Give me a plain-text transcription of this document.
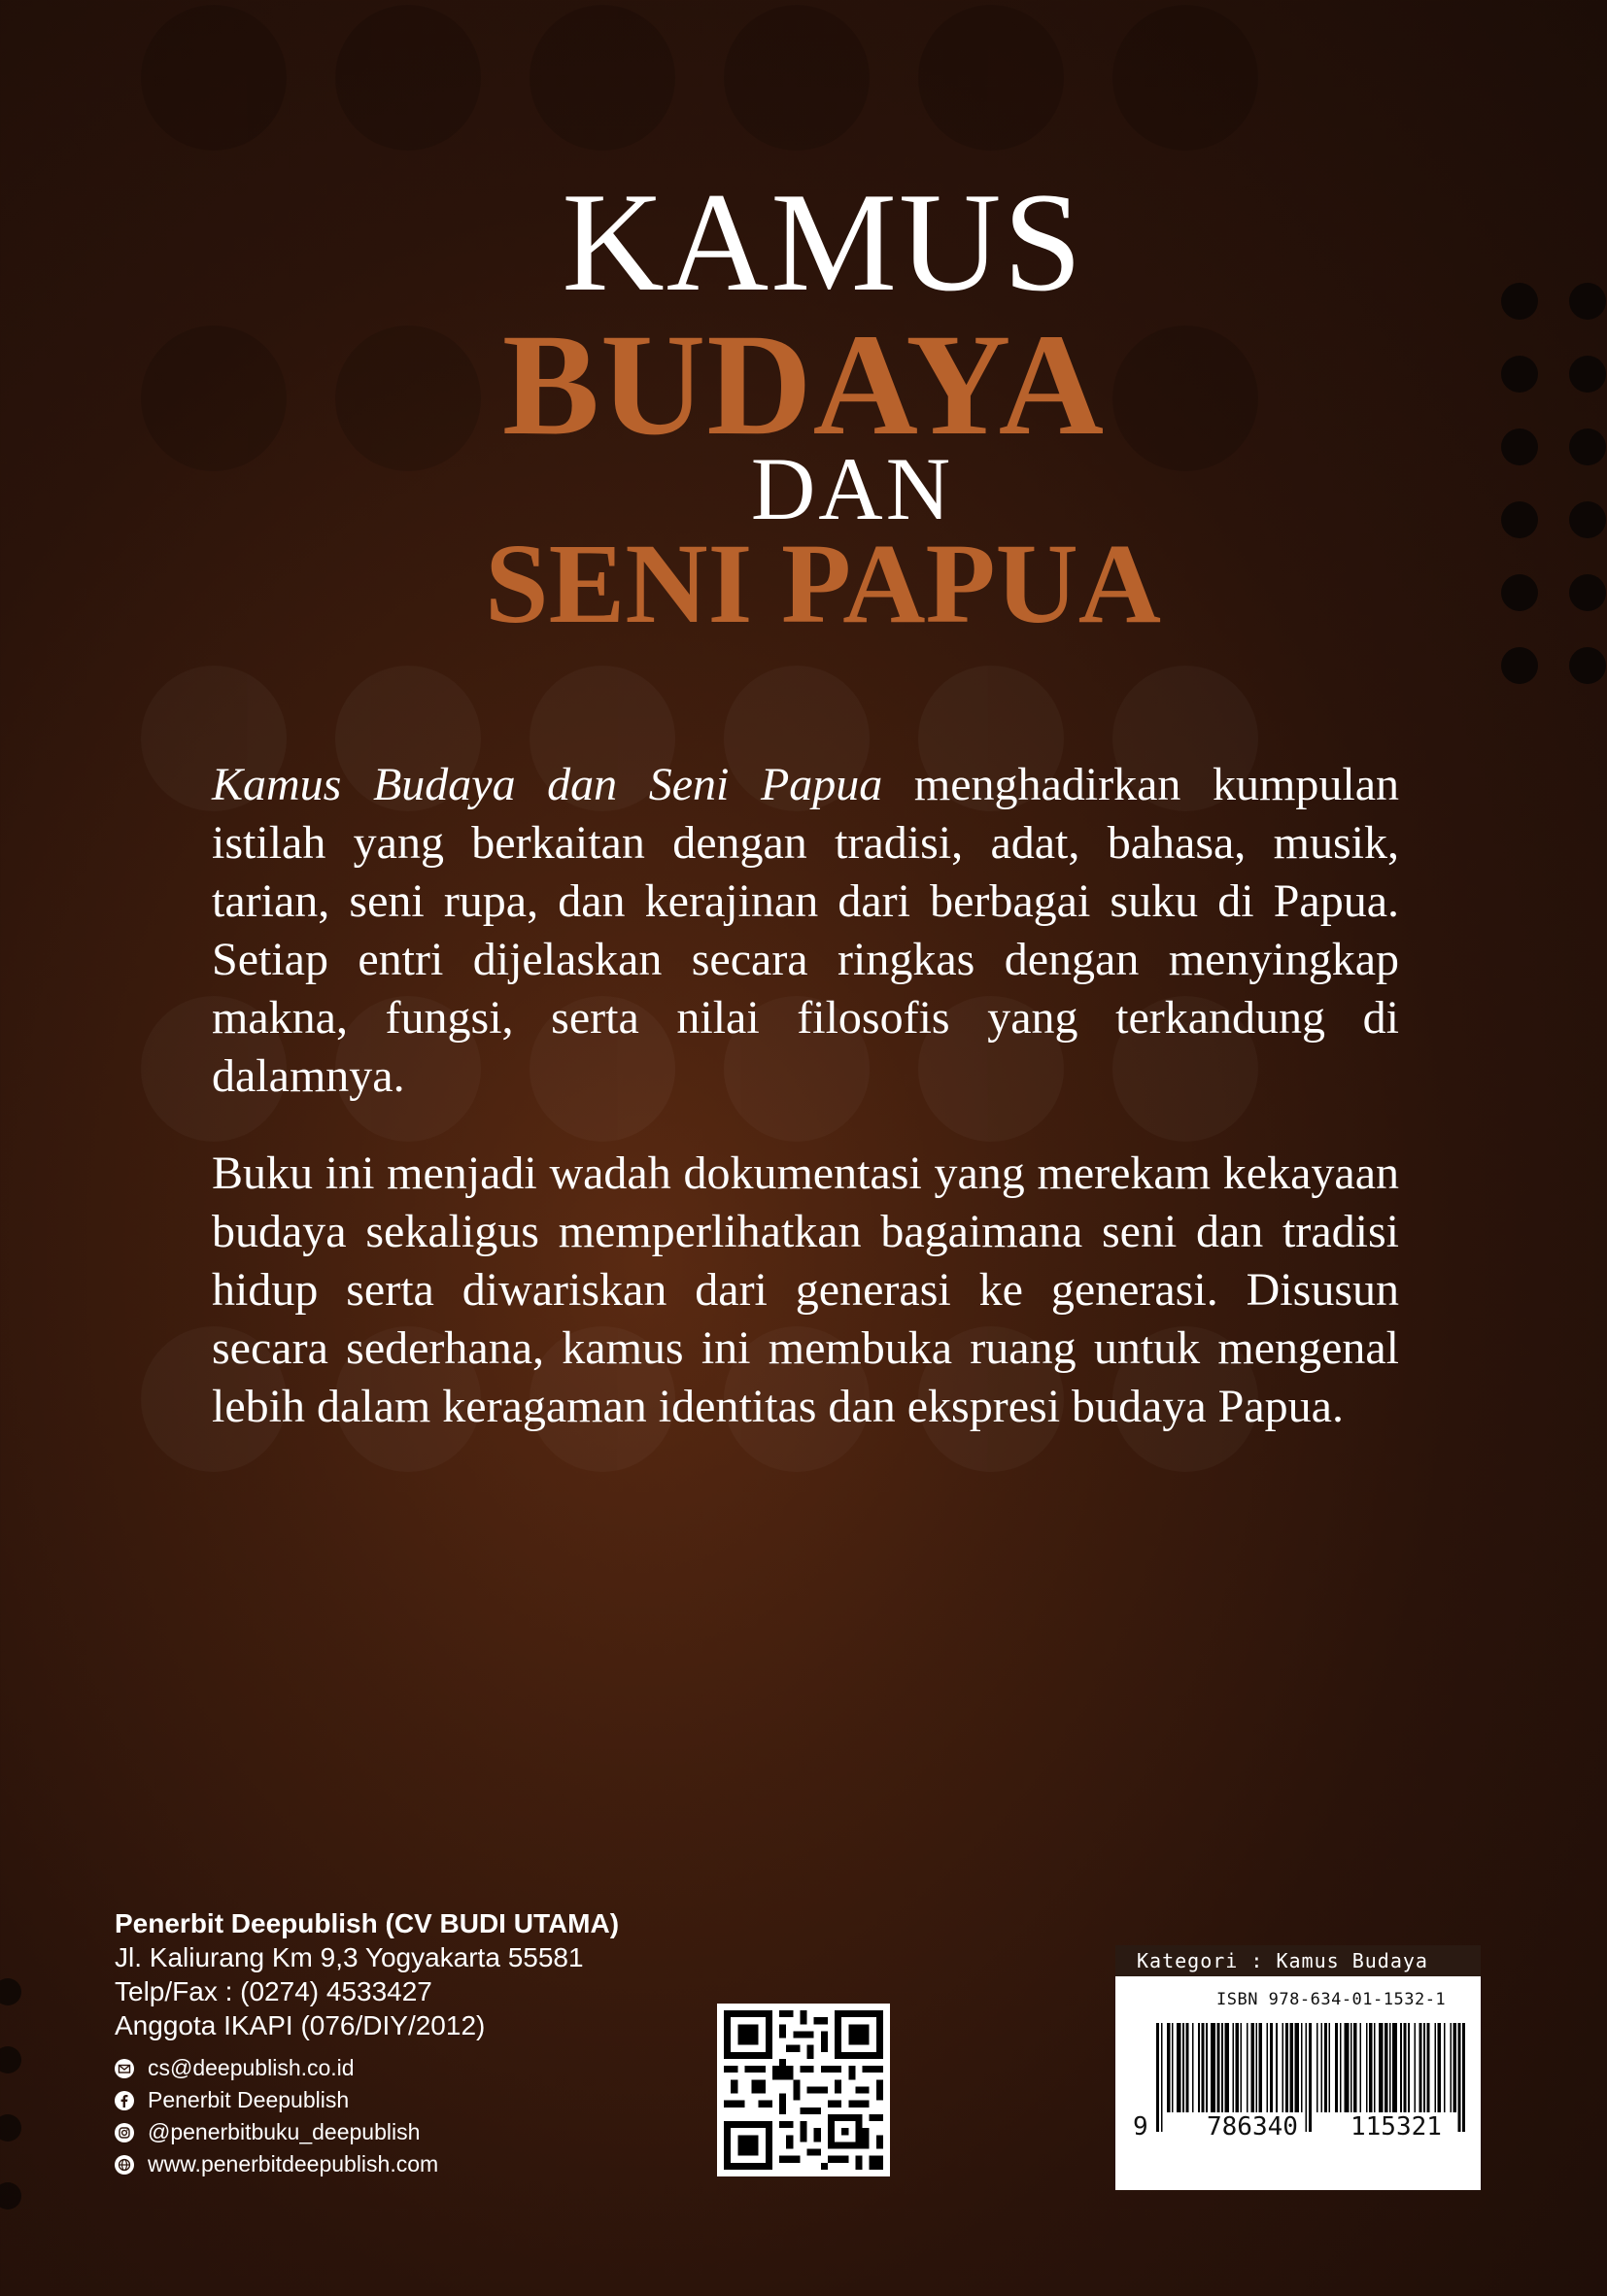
KAMUS
BUDAYA
DAN
SENI PAPUA
Kamus Budaya dan Seni Papua menghadirkan kumpulan istilah yang berkaitan dengan tradisi, adat, bahasa, musik, tarian, seni rupa, dan kerajinan dari berbagai suku di Papua. Setiap entri dijelaskan secara ringkas dengan menyingkap makna, fungsi, serta nilai filosofis yang terkandung di dalamnya.
Buku ini menjadi wadah dokumentasi yang merekam kekayaan budaya sekaligus memperlihatkan bagaimana seni dan tradisi hidup serta diwariskan dari generasi ke generasi. Disusun secara sederhana, kamus ini membuka ruang untuk mengenal lebih dalam keragaman identitas dan ekspresi budaya Papua.
Penerbit Deepublish (CV BUDI UTAMA)
Jl. Kaliurang Km 9,3 Yogyakarta 55581
Telp/Fax : (0274) 4533427
Anggota IKAPI (076/DIY/2012)
cs@deepublish.co.id
Penerbit Deepublish
@penerbitbuku_deepublish
www.penerbitdeepublish.com
Kategori : Kamus Budaya
ISBN 978-634-01-1532-1
9 786340 115321
